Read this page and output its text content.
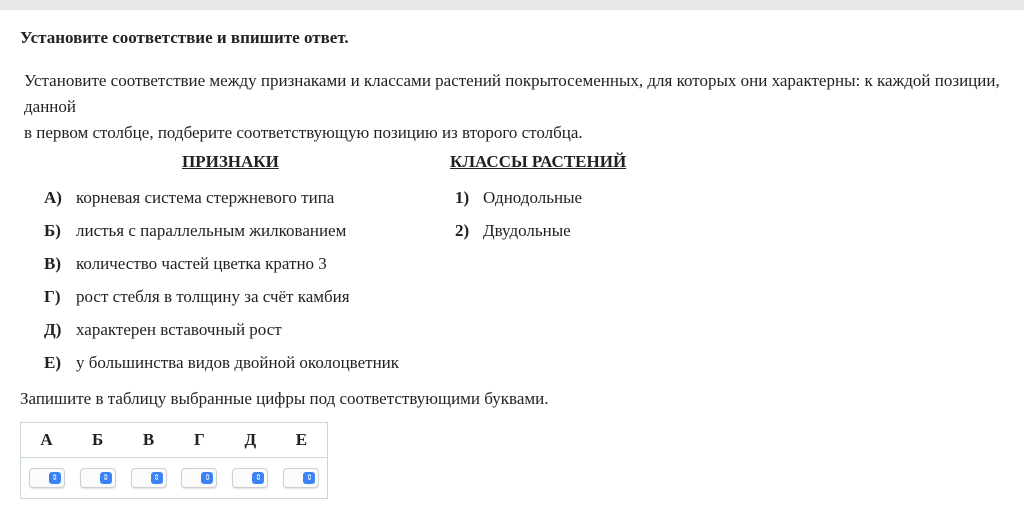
Установите соответствие и впишите ответ.
Установите соответствие между признаками и классами растений покрытосеменных, для которых они характерны: к каждой позиции, данной
в первом столбце, подберите соответствующую позицию из второго столбца.
ПРИЗНАКИ	КЛАССЫ РАСТЕНИЙ
А) корневая система стержневого типа
Б) листья с параллельным жилкованием
В) количество частей цветка кратно 3
Г) рост стебля в толщину за счёт камбия
Д) характерен вставочный рост
Е) у большинства видов двойной околоцветник
1) Однодольные
2) Двудольные
Запишите в таблицу выбранные цифры под соответствующими буквами.
А	Б	В	Г	Д	Е

⇕	⇕	⇕	⇕	⇕	⇕
